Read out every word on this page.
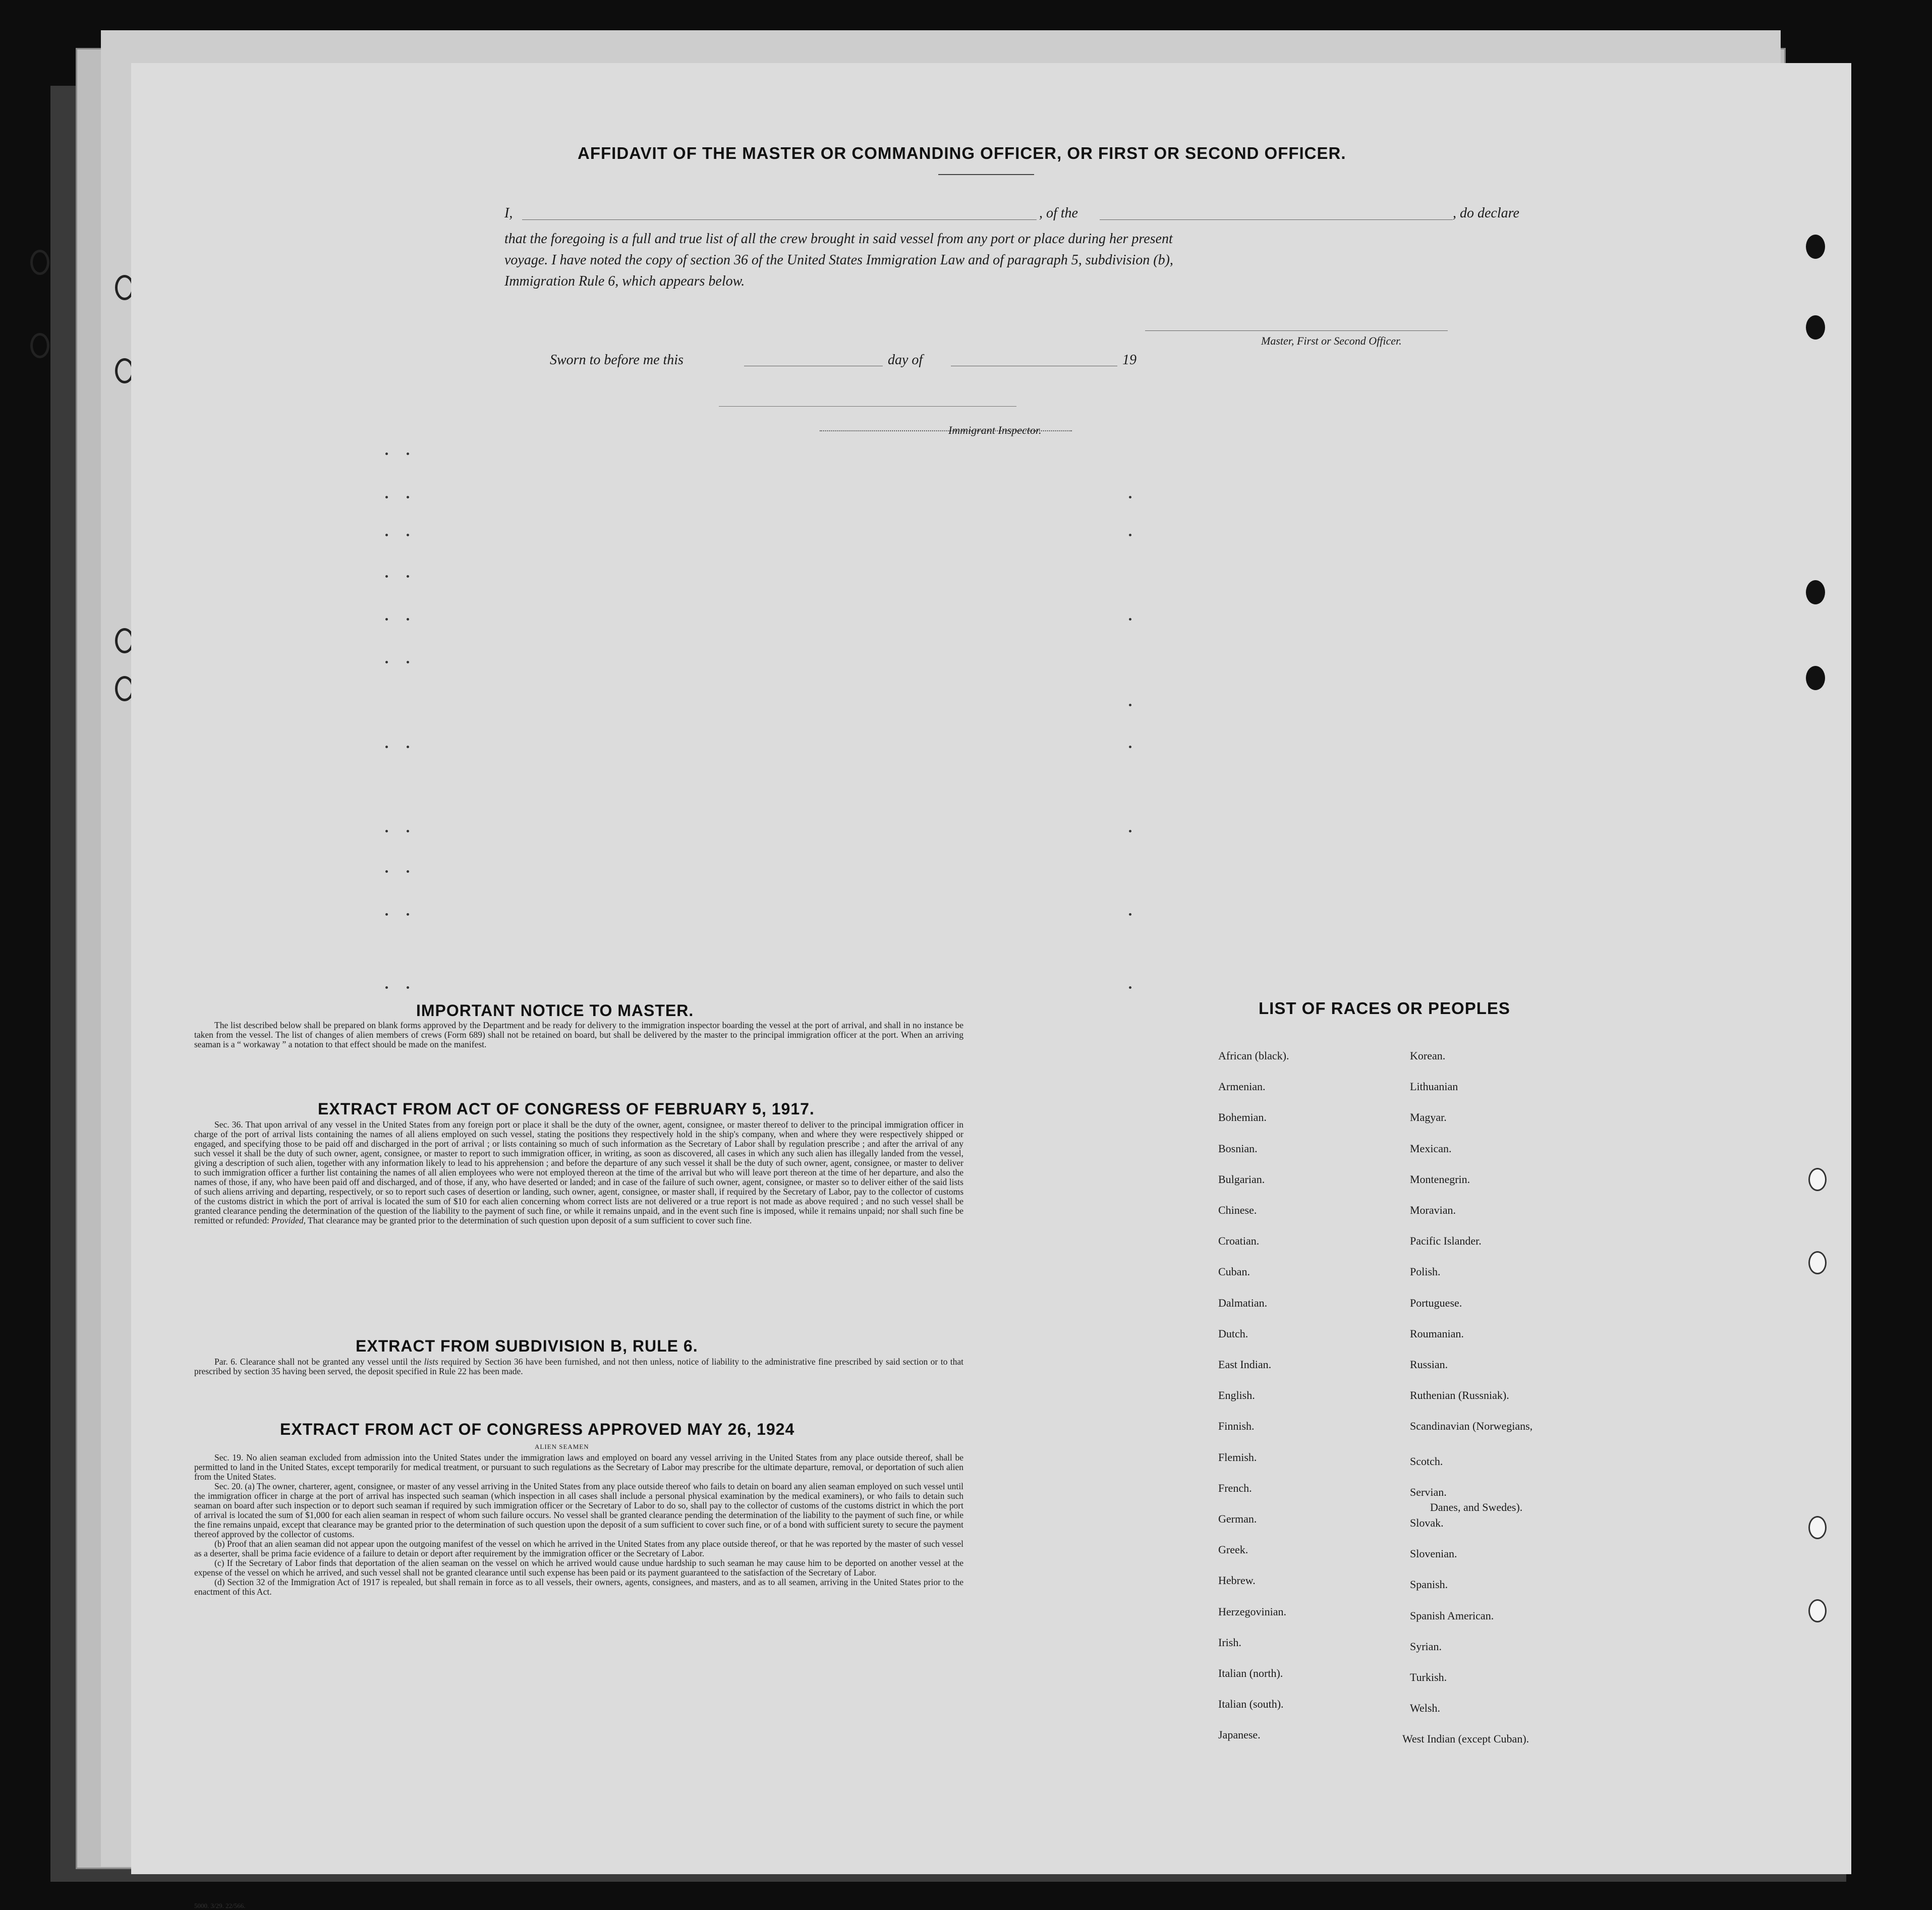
AFFIDAVIT OF THE MASTER OR COMMANDING OFFICER, OR FIRST OR SECOND OFFICER.
I,	, of the	, do declare
that the foregoing is a full and true list of all the crew brought in said vessel from any port or place during her present
voyage. I have noted the copy of section 36 of the United States Immigration Law and of paragraph 5, subdivision (b),
Immigration Rule 6, which appears below.
Master, First or Second Officer.
Sworn to before me this	day of	19
Immigrant Inspector.
IMPORTANT NOTICE TO MASTER.

The list described below shall be prepared on blank forms approved by the Department and be ready for delivery to the immigration inspector boarding the vessel at the port of arrival, and shall in no instance be taken from the vessel. The list of changes of alien members of crews (Form 689) shall not be retained on board, but shall be delivered by the master to the principal immigration officer at the port. When an arriving seaman is a “ workaway ” a notation to that effect should be made on the manifest.

EXTRACT FROM ACT OF CONGRESS OF FEBRUARY 5, 1917.

Sec. 36. That upon arrival of any vessel in the United States from any foreign port or place it shall be the duty of the owner, agent, consignee, or master thereof to deliver to the principal immigration officer in charge of the port of arrival lists containing the names of all aliens employed on such vessel, stating the positions they respectively hold in the ship's company, when and where they were respectively shipped or engaged, and specifying those to be paid off and discharged in the port of arrival ; or lists containing so much of such information as the Secretary of Labor shall by regulation prescribe ; and after the arrival of any such vessel it shall be the duty of such owner, agent, consignee, or master to report to such immigration officer, in writing, as soon as discovered, all cases in which any such alien has illegally landed from the vessel, giving a description of such alien, together with any information likely to lead to his apprehension ; and before the departure of any such vessel it shall be the duty of such owner, agent, consignee, or master to deliver to such immigration officer a further list containing the names of all alien employees who were not employed thereon at the time of the arrival but who will leave port thereon at the time of her departure, and also the names of those, if any, who have been paid off and discharged, and of those, if any, who have deserted or landed; and in case of the failure of such owner, agent, consignee, or master so to deliver either of the said lists of such aliens arriving and departing, respectively, or so to report such cases of desertion or landing, such owner, agent, consignee, or master shall, if required by the Secretary of Labor, pay to the collector of customs of the customs district in which the port of arrival is located the sum of $10 for each alien concerning whom correct lists are not delivered or a true report is not made as above required ; and no such vessel shall be granted clearance pending the determination of the question of the liability to the payment of such fine, or while it remains unpaid, and in the event such fine is imposed, while it remains unpaid; nor shall such fine be remitted or refunded: Provided, That clearance may be granted prior to the determination of such question upon deposit of a sum sufficient to cover such fine.

EXTRACT FROM SUBDIVISION B, RULE 6.

Par. 6. Clearance shall not be granted any vessel until the lists required by Section 36 have been furnished, and not then unless, notice of liability to the administrative fine prescribed by said section or to that prescribed by section 35 having been served, the deposit specified in Rule 22 has been made.

EXTRACT FROM ACT OF CONGRESS APPROVED MAY 26, 1924
ALIEN SEAMEN

Sec. 19. No alien seaman excluded from admission into the United States under the immigration laws and employed on board any vessel arriving in the United States from any place outside thereof, shall be permitted to land in the United States, except temporarily for medical treatment, or pursuant to such regulations as the Secretary of Labor may prescribe for the ultimate departure, removal, or deportation of such alien from the United States.

Sec. 20. (a) The owner, charterer, agent, consignee, or master of any vessel arriving in the United States from any place outside thereof who fails to detain on board any alien seaman employed on such vessel until the immigration officer in charge at the port of arrival has inspected such seaman (which inspection in all cases shall include a personal physical examination by the medical examiners), or who fails to detain such seaman on board after such inspection or to deport such seaman if required by such immigration officer or the Secretary of Labor to do so, shall pay to the collector of customs of the customs district in which the port of arrival is located the sum of $1,000 for each alien seaman in respect of whom such failure occurs. No vessel shall be granted clearance pending the determination of the liability to the payment of such fine, or while the fine remains unpaid, except that clearance may be granted prior to the determination of such question upon the deposit of a sum sufficient to cover such fine, or of a bond with sufficient surety to secure the payment thereof approved by the collector of customs.

(b) Proof that an alien seaman did not appear upon the outgoing manifest of the vessel on which he arrived in the United States from any place outside thereof, or that he was reported by the master of such vessel as a deserter, shall be prima facie evidence of a failure to detain or deport after requirement by the immigration officer or the Secretary of Labor.

(c) If the Secretary of Labor finds that deportation of the alien seaman on the vessel on which he arrived would cause undue hardship to such seaman he may cause him to be deported on another vessel at the expense of the vessel on which he arrived, and such vessel shall not be granted clearance until such expense has been paid or its payment guaranteed to the satisfaction of the Secretary of Labor.

(d) Section 32 of the Immigration Act of 1917 is repealed, but shall remain in force as to all vessels, their owners, agents, consignees, and masters, and as to all seamen, arriving in the United States prior to the enactment of this Act.

LIST OF RACES OR PEOPLES
Danes, and Swedes).
5000. 3/29. 22/566.
African (black).
Armenian.
Bohemian.
Bosnian.
Bulgarian.
Chinese.
Croatian.
Cuban.
Dalmatian.
Dutch.
East Indian.
English.
Finnish.
Flemish.
French.
German.
Greek.
Hebrew.
Herzegovinian.
Irish.
Italian (north).
Italian (south).
Japanese.
Korean.
Lithuanian
Magyar.
Mexican.
Montenegrin.
Moravian.
Pacific Islander.
Polish.
Portuguese.
Roumanian.
Russian.
Ruthenian (Russniak).
Scandinavian (Norwegians,
Scotch.
Servian.
Slovak.
Slovenian.
Spanish.
Spanish American.
Syrian.
Turkish.
Welsh.
West Indian (except Cuban).
